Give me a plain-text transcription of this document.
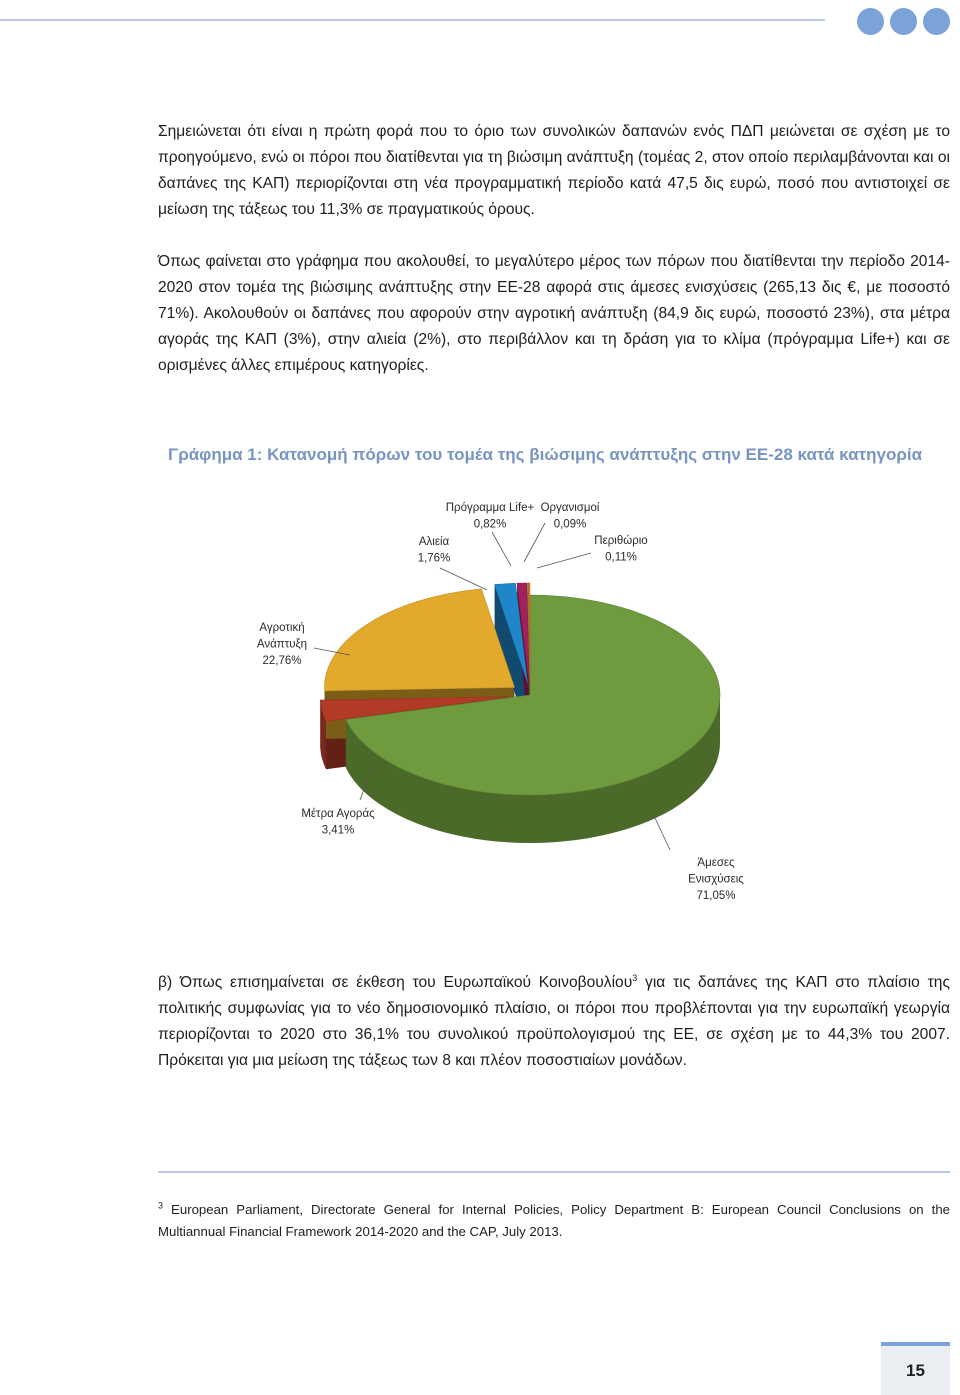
Σημειώνεται ότι είναι η πρώτη φορά που το όριο των συνολικών δαπανών ενός ΠΔΠ μειώνεται σε σχέση με το προηγούμενο, ενώ οι πόροι που διατίθενται για τη βιώσιμη ανάπτυξη (τομέας 2, στον οποίο περιλαμβάνονται και οι δαπάνες της ΚΑΠ) περιορίζονται στη νέα προγραμματική περίοδο κατά 47,5 δις ευρώ, ποσό που αντιστοιχεί σε μείωση της τάξεως του 11,3% σε πραγματικούς όρους.

Όπως φαίνεται στο γράφημα που ακολουθεί, το μεγαλύτερο μέρος των πόρων που διατίθενται την περίοδο 2014-2020 στον τομέα της βιώσιμης ανάπτυξης στην ΕΕ-28 αφορά στις άμεσες ενισχύσεις (265,13 δις €, με ποσοστό 71%). Ακολουθούν οι δαπάνες που αφορούν στην αγροτική ανάπτυξη (84,9 δις ευρώ, ποσοστό 23%), στα μέτρα αγοράς της ΚΑΠ (3%), στην αλιεία (2%), στο περιβάλλον και τη δράση για το κλίμα (πρόγραμμα Life+) και σε ορισμένες άλλες επιμέρους κατηγορίες.

Γράφημα 1: Κατανομή πόρων του τομέα της βιώσιμης ανάπτυξης στην ΕΕ-28 κατά κατηγορία
Άμεσες Ενισχύσεις 71,05%
Μέτρα Αγοράς 3,41%
Αγροτική Ανάπτυξη 22,76%
Αλιεία 1,76%
Πρόγραμμα Life+ 0,82%
Οργανισμοί 0,09%
Περιθώριο 0,11%

β) Όπως επισημαίνεται σε έκθεση του Ευρωπαϊκού Κοινοβουλίου$^3$ για τις δαπάνες της ΚΑΠ στο πλαίσιο της πολιτικής συμφωνίας για το νέο δημοσιονομικό πλαίσιο, οι πόροι που προβλέπονται για την ευρωπαϊκή γεωργία περιορίζονται το 2020 στο 36,1% του συνολικού προϋπολογισμού της ΕΕ, σε σχέση με το 44,3% του 2007. Πρόκειται για μια μείωση της τάξεως των 8 και πλέον ποσοστιαίων μονάδων.

$^3$ European Parliament, Directorate General for Internal Policies, Policy Department B: European Council Conclusions on the Multiannual Financial Framework 2014-2020 and the CAP, July 2013.

15
